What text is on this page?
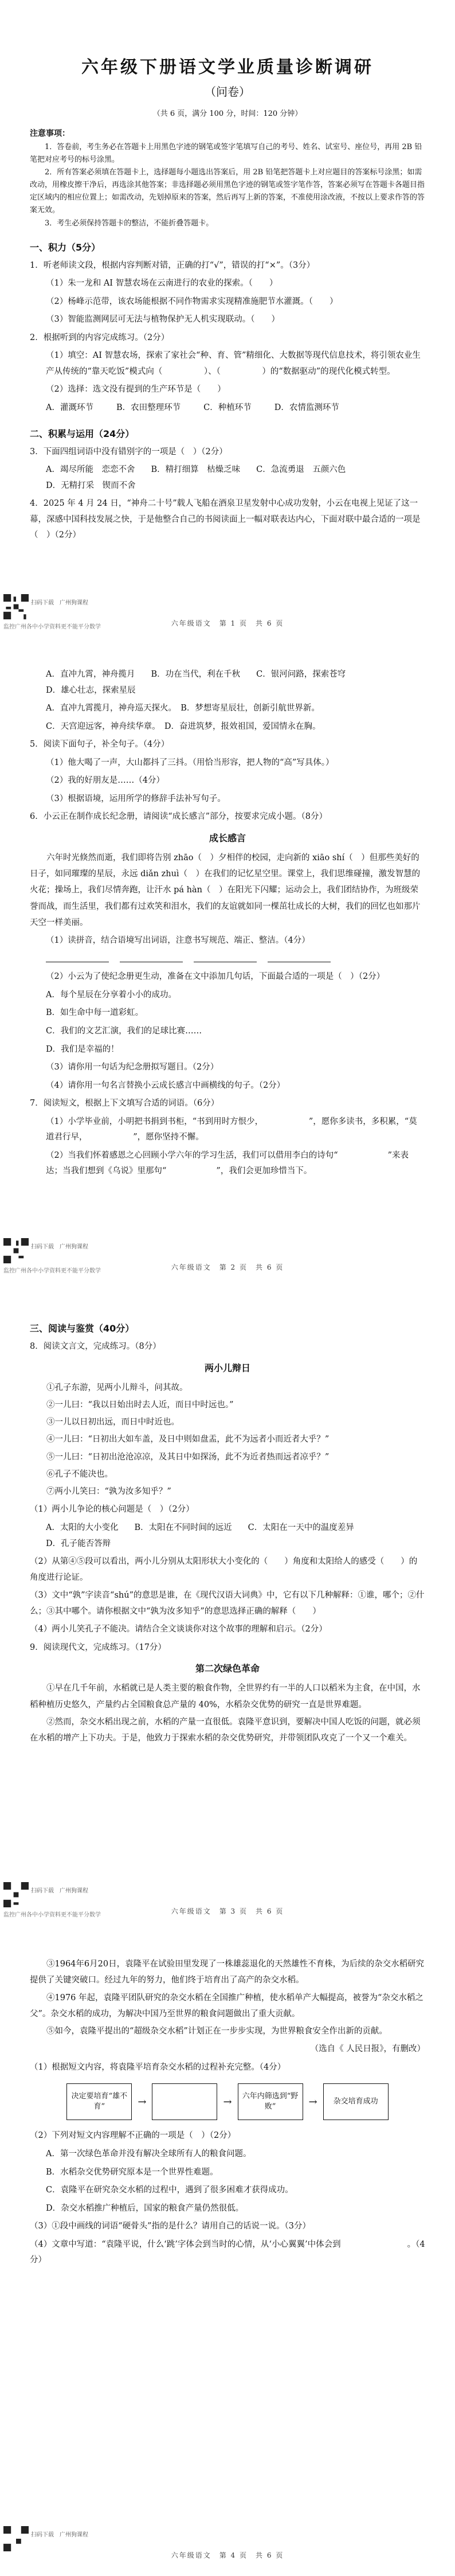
六年级下册语文学业质量诊断调研
（问卷）
（共 6 页，满分 100 分，时间：120 分钟）
注意事项：

1．答卷前，考生务必在答题卡上用黑色字迹的钢笔或签字笔填写自己的考号、姓名、试室号、座位号，再用 2B 铅笔把对应考号的标号涂黑。

2．所有答案必须填在答题卡上，选择题每小题选出答案后，用 2B 铅笔把答题卡上对应题目的答案标号涂黑；如需改动，用橡皮擦干净后，再选涂其他答案；非选择题必须用黑色字迹的钢笔或签字笔作答，答案必须写在答题卡各题目指定区域内的相应位置上；如需改动，先划掉原来的答案，然后再写上新的答案，不准使用涂改液，不按以上要求作答的答案无效。

3．考生必须保持答题卡的整洁，不能折叠答题卡。

一、积力（5分）
1．听老师读文段，根据内容判断对错，正确的打“√”，错误的打“×”。（3分）
（1）朱一龙和 AI 智慧农场在云南进行的农业的探索。（　　）
（2）杨峰示范带，该农场能根据不同作物需求实现精准施肥节水灌溉。（　　）
（3）智能监测网层可无法与植物保护无人机实现联动。（　　）
2．根据听到的内容完成练习。（2分）
（1）填空：AI 智慧农场，探索了家社会“种、育、管”精细化、大数据等现代信息技术，将引领农业生产从传统的“靠天吃饭”模式向（　　　　　）、（　　　　　）的“数据驱动”的现代化模式转型。
（2）选择：选文没有提到的生产环节是（　　）
A．灌溉环节	B．农田整理环节	C．种植环节	D．农情监测环节
二、积累与运用（24分）
3．下面四组词语中没有错别字的一项是（　）（2分）
A．竭尽所能　恋恋不舍 B．精打细算　枯燥乏味 C．急流勇退　五颜六色
D．无精打采　锲而不舍
4．2025 年 4 月 24 日，“神舟二十号”载人飞船在酒泉卫星发射中心成功发射，小云在电视上见证了这一幕，深感中国科技发展之快，于是他整合自己的书阅读面上一幅对联表达内心，下面对联中最合适的一项是（　）（2分）
扫码下载　广州狗课程
监控广州各中小学资料更不能平分数学	六年级语文　第 1 页　共 6 页
A．直冲九霄，神舟揽月 B．功在当代，利在千秋 C．银河问路，探索苍穹
D．雄心壮志，探索星辰
A．直冲九霄揽月，神舟巡天探火。　B．梦想寄星辰壮，创新引航世界新。
C．天宫迎远客，神舟续华章。　D．奋进筑梦，报效祖国，爱国情永在胸。
5．阅读下面句子，补全句子。（4分）
（1）他大喝了一声，大山都抖了三抖。（用恰当形容，把人物的“高”写具体。）
（2）我的好朋友是……（4分）
（3）根据语境，运用所学的修辞手法补写句子。
6．小云正在制作成长纪念册，请阅读“成长感言”部分，按要求完成小题。（8分）
成长感言

六年时光倏然而逝，我们即将告别 zhāo（　）夕相伴的校园，走向新的 xiāo shí（　）但那些美好的日子，如同璀璨的星辰，永远 diǎn zhuì（　）在我们的记忆星空里。课堂上，我们思维碰撞，激发智慧的火花；操场上，我们尽情奔跑，让汗水 pá hàn（　）在阳光下闪耀；运动会上，我们团结协作，为班级荣誉而战，而生活里，我们都有过欢笑和泪水，我们的友谊就如同一棵茁壮成长的大树，我们的回忆也如那片天空一样美丽。

（1）读拼音，结合语境写出词语，注意书写规范、端正、整洁。（4分）

（2）小云为了使纪念册更生动，准备在文中添加几句话，下面最合适的一项是（　）（2分）
A．每个星辰在分享着小小的成功。
B．如生命中每一道彩虹。
C．我们的文艺汇演，我们的足球比赛……
D．我们是幸福的！
（3）请你用一句话为纪念册拟写题目。（2分）
（4）请你用一句名言替换小云成长感言中画横线的句子。（2分）
7．阅读短文，根据上下文填写合适的词语。（6分）
（1）小学毕业前，小明把书捐到书柜，“书到用时方恨少，　　　　　　”，愿你多读书，多积累，“莫道君行早，　　　　　　”，愿你坚持不懈。
（2）当我们怀着感恩之心回顾小学六年的学习生活，我们可以借用李白的诗句“　　　　　　”来表达；当我们想到《乌说》里那句“　　　　　　”，我们会更加珍惜当下。
扫码下载　广州狗课程
监控广州各中小学资料更不能平分数学	六年级语文　第 2 页　共 6 页
三、阅读与鉴赏（40分）
8．阅读文言文，完成练习。（8分）
两小儿辩日

①孔子东游，见两小儿辩斗，问其故。

②一儿曰：“我以日始出时去人近，而日中时远也。”

③一儿以日初出远，而日中时近也。

④一儿曰：“日初出大如车盖，及日中则如盘盂，此不为远者小而近者大乎？”

⑤一儿曰：“日初出沧沧凉凉，及其日中如探汤，此不为近者热而远者凉乎？”

⑥孔子不能决也。

⑦两小儿笑曰：“孰为汝多知乎？”

（1）两小儿争论的核心问题是（　）（2分）
A．太阳的大小变化 B．太阳在不同时间的远近 C．太阳在一天中的温度差异
D．孔子能否答辩
（2）从第④⑤段可以看出，两小儿分别从太阳形状大小变化的（　　）角度和太阳给人的感受（　　）的角度进行论证。
（3）文中“孰”字读音“shú”的意思是谁，在《现代汉语大词典》中，它有以下几种解释：①谁，哪个；②什么；③其中哪个。请你根据文中“孰为汝多知乎”的意思选择正确的解释（　　）
（4）两小儿笑孔子不能决。请结合全文谈谈你对这个故事的理解和启示。（2分）
9．阅读现代文，完成练习。（17分）
第二次绿色革命

①早在几千年前，水稻就已是人类主要的粮食作物，全世界约有一半的人口以稻米为主食，在中国，水稻种植历史悠久，产量约占全国粮食总产量的 40%，水稻杂交优势的研究一直是世界难题。

②然而，杂交水稻出现之前，水稻的产量一直很低。袁隆平意识到，要解决中国人吃饭的问题，就必须在水稻的增产上下功夫。于是，他致力于探索水稻的杂交优势研究，并带领团队攻克了一个又一个难关。

扫码下载　广州狗课程
监控广州各中小学资料更不能平分数学	六年级语文　第 3 页　共 6 页

③1964年6月20日，袁隆平在试验田里发现了一株雄蕊退化的天然雄性不育株，为后续的杂交水稻研究提供了关键突破口。经过九年的努力，他们终于培育出了高产的杂交水稻。

④1976 年起，袁隆平团队研究的杂交水稻在全国推广种植，使水稻单产大幅提高，被誉为“杂交水稻之父”。杂交水稻的成功，为解决中国乃至世界的粮食问题做出了重大贡献。

⑤如今，袁隆平提出的“超级杂交水稻”计划正在一步步实现，为世界粮食安全作出新的贡献。

（选自《 人民日报》，有删改）
（1）根据短文内容，将袁隆平培育杂交水稻的过程补充完整。（4分）
决定要培育“雄不育”	→
　	→	六年内筛选到“野败”	→	杂交培育成功
（2）下列对短文内容理解不正确的一项是（　）（2分）
A．第一次绿色革命并没有解决全球所有人的粮食问题。
B．水稻杂交优势研究原本是一个世界性难题。
C．袁隆平在研究杂交水稻的过程中，遇到了很多困难才获得成功。
D．杂交水稻推广种植后，国家的粮食产量仍然很低。
（3）①段中画线的词语“硬骨头”指的是什么？请用自己的话说一说。（3分）
（4）文章中写道：“袁隆平说，什么‘跳’字体会到当时的心情，从‘小心翼翼’中体会到　　　　　　　　。（4分）
扫码下载　广州狗课程
六年级语文　第 4 页　共 6 页
